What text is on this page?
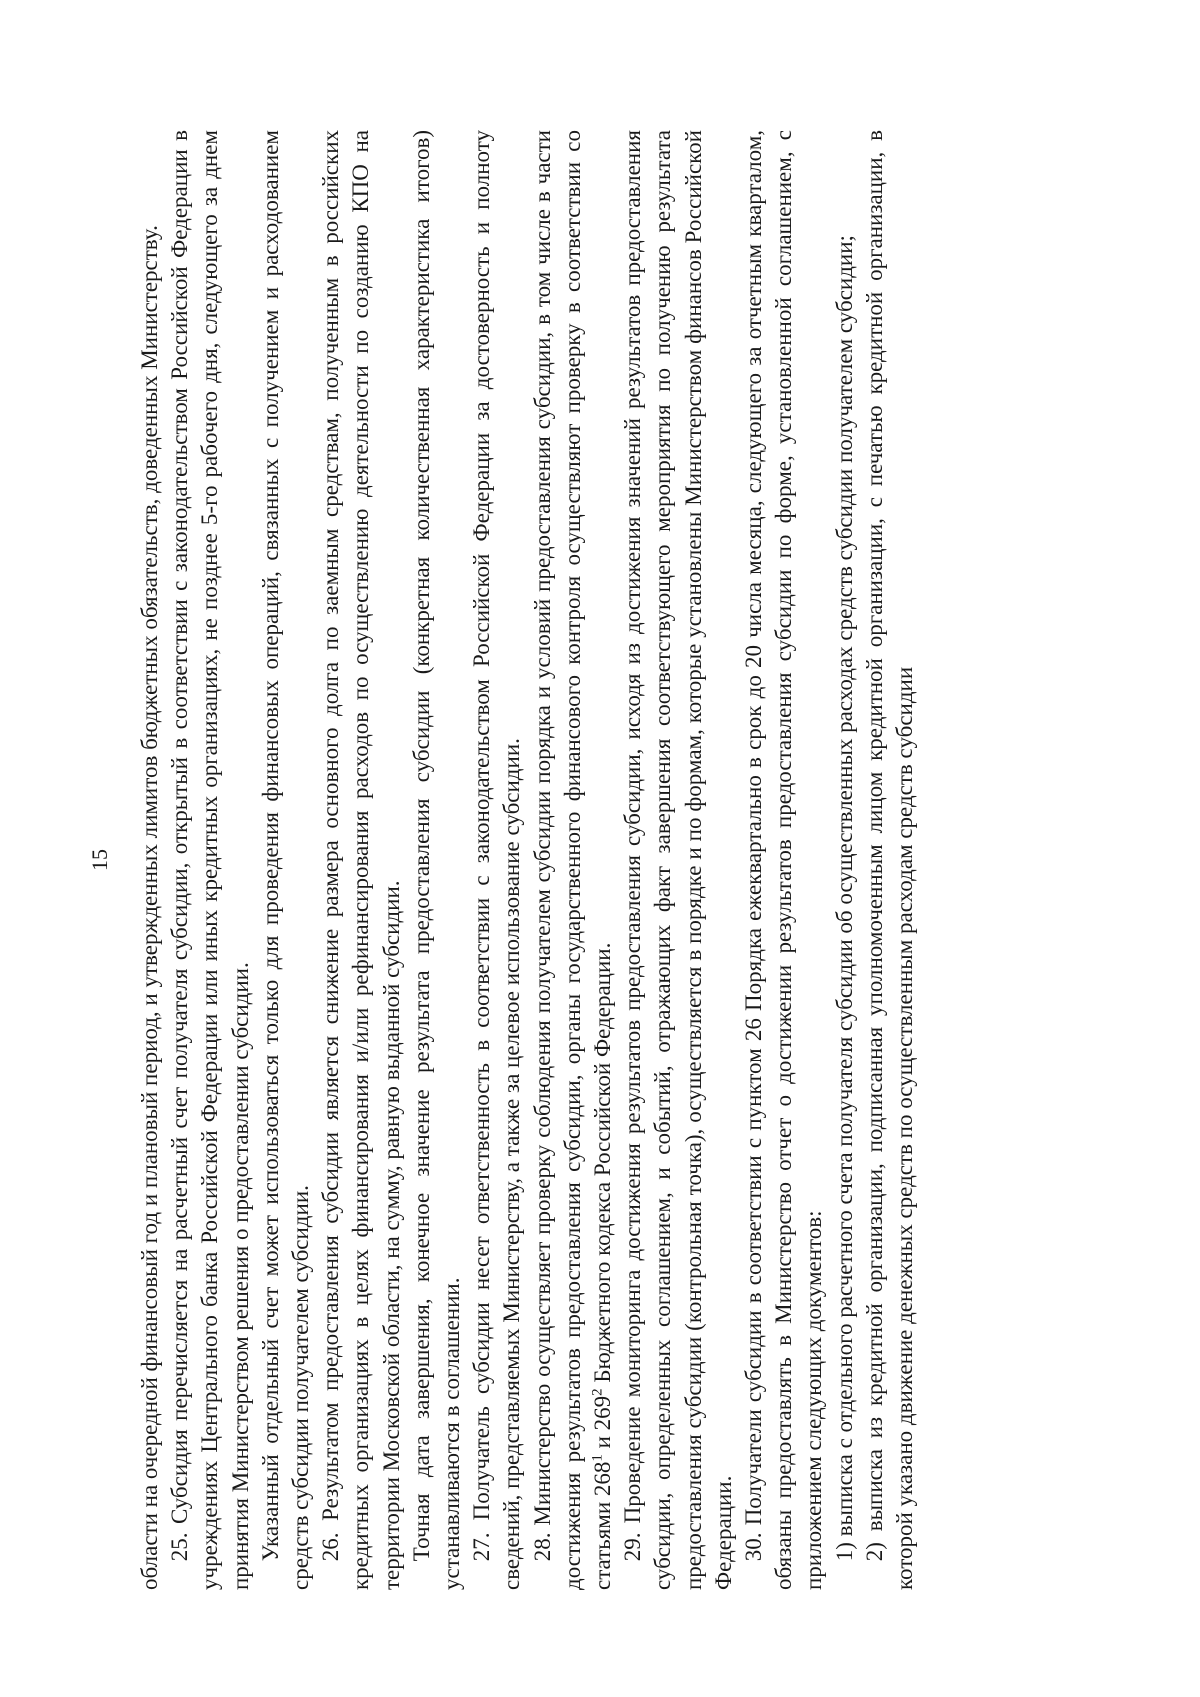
15 области на очередной финансовый год и плановый период, и утвержденных лимитов бюджетных обязательств, доведенных Министерству. 25. Субсидия перечисляется на расчетный счет получателя субсидии, открытый в соответствии с законодательством Российской Федерации в учреждениях Центрального банка Российской Федерации или иных кредитных организациях, не позднее 5-го рабочего дня, следующего за днем принятия Министерством решения о предоставлении субсидии. Указанный отдельный счет может использоваться только для проведения финансовых операций, связанных с получением и расходованием средств субсидии получателем субсидии. 26. Результатом предоставления субсидии является снижение размера основного долга по заемным средствам, полученным в российских кредитных организациях в целях финансирования и/или рефинансирования расходов по осуществлению деятельности по созданию КПО на территории Московской области, на сумму, равную выданной субсидии. Точная дата завершения, конечное значение результата предоставления субсидии (конкретная количественная характеристика итогов) устанавливаются в соглашении. 27. Получатель субсидии несет ответственность в соответствии с законодательством Российской Федерации за достоверность и полноту сведений, представляемых Министерству, а также за целевое использование субсидии. 28. Министерство осуществляет проверку соблюдения получателем субсидии порядка и условий предоставления субсидии, в том числе в части достижения результатов предоставления субсидии, органы государственного финансового контроля осуществляют проверку в соответствии со статьями $268^1$ и $269^2$ Бюджетного кодекса Российской Федерации. 29. Проведение мониторинга достижения результатов предоставления субсидии, исходя из достижения значений результатов предоставления субсидии, определенных соглашением, и событий, отражающих факт завершения соответствующего мероприятия по получению результата предоставления субсидии (контрольная точка), осуществляется в порядке и по формам, которые установлены Министерством финансов Российской Федерации. 30. Получатели субсидии в соответствии с пунктом 26 Порядка ежеквартально в срок до 20 числа месяца, следующего за отчетным кварталом, обязаны предоставлять в Министерство отчет о достижении результатов предоставления субсидии по форме, установленной соглашением, с приложением следующих документов: 1) выписка с отдельного расчетного счета получателя субсидии об осуществленных расходах средств субсидии получателем субсидии; 2) выписка из кредитной организации, подписанная уполномоченным лицом кредитной организации, с печатью кредитной организации, в которой указано движение денежных средств по осуществленным расходам средств субсидии
